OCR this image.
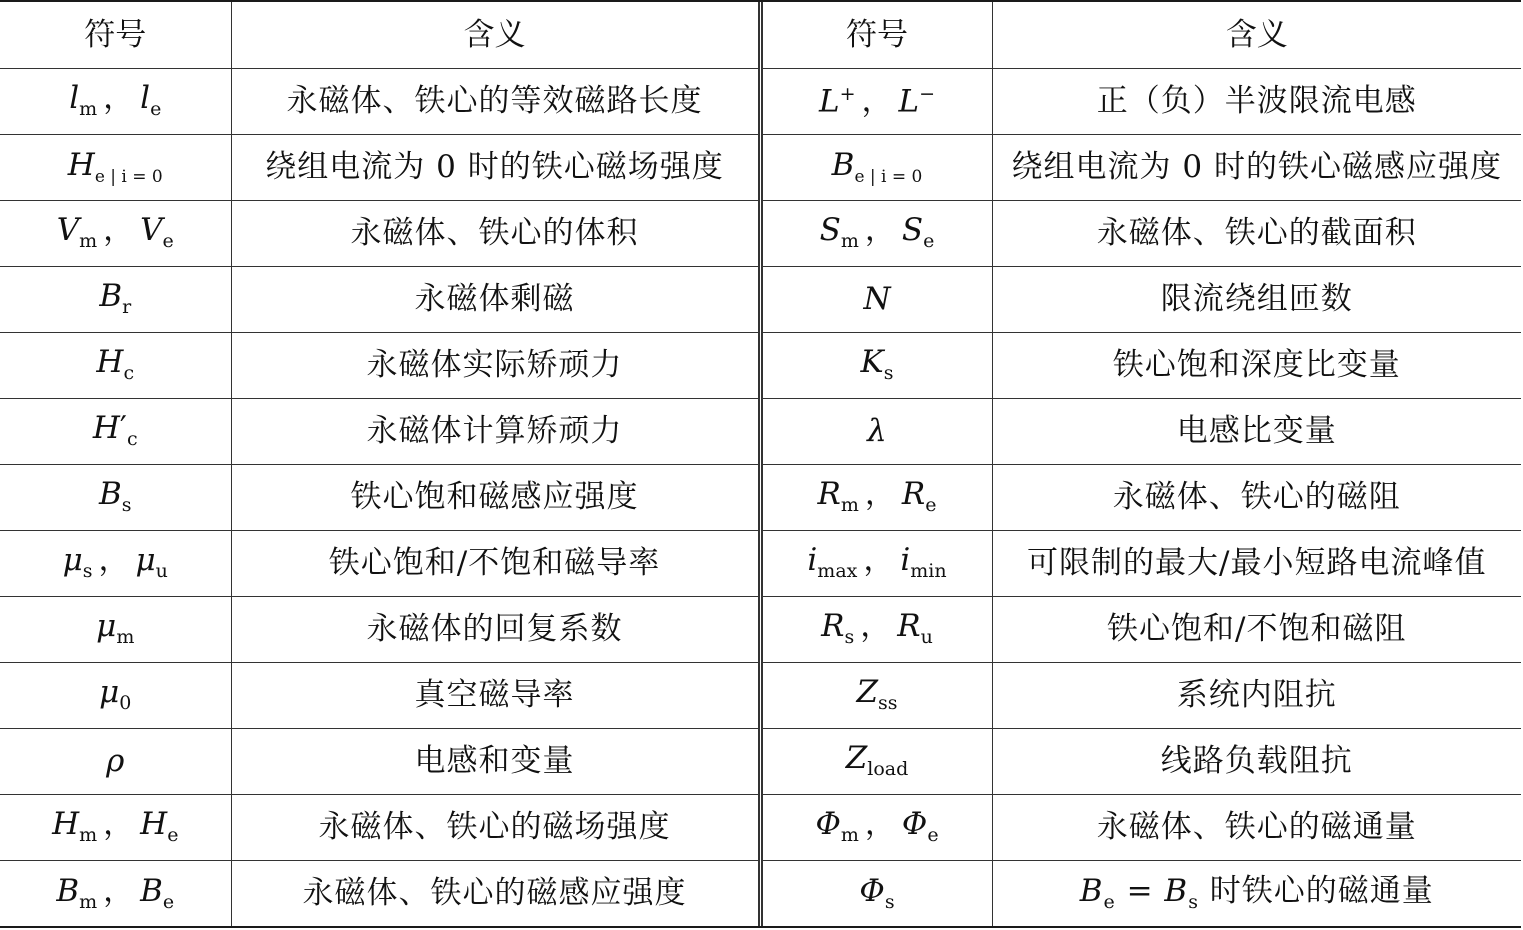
符号	含义	符号	含义
$l_m$ ， $l_e$	永磁体、铁心的等效磁路长度	L+ ， L−	正（负）半波限流电感
$H_{e | i = 0}$	绕组电流为 0 时的铁心磁场强度	$B_{e | i = 0}$	绕组电流为 0 时的铁心磁感应强度
$V_m$ ， $V_e$	永磁体、铁心的体积	$S_m$ ， $S_e$	永磁体、铁心的截面积
$B_r$	永磁体剩磁	N	限流绕组匝数
$H_c$	永磁体实际矫顽力	$K_s$	铁心饱和深度比变量
$H'_c$	永磁体计算矫顽力	λ	电感比变量
$B_s$	铁心饱和磁感应强度	$R_m$ ， $R_e$	永磁体、铁心的磁阻
$\mu_s$ ， $\mu_u$	铁心饱和/不饱和磁导率	$i_{max}$ ， $i_{min}$	可限制的最大/最小短路电流峰值
$\mu_m$	永磁体的回复系数	$R_s$ ， $R_u$	铁心饱和/不饱和磁阻
$\mu_0$	真空磁导率	$Z_{ss}$	系统内阻抗
ρ	电感和变量	$Z_{load}$	线路负载阻抗
$H_m$ ， $H_e$	永磁体、铁心的磁场强度	$\Phi_m$ ， $\Phi_e$	永磁体、铁心的磁通量
$B_m$ ， $B_e$	永磁体、铁心的磁感应强度	$\Phi_s$	$B_e = B_s$ 时铁心的磁通量
